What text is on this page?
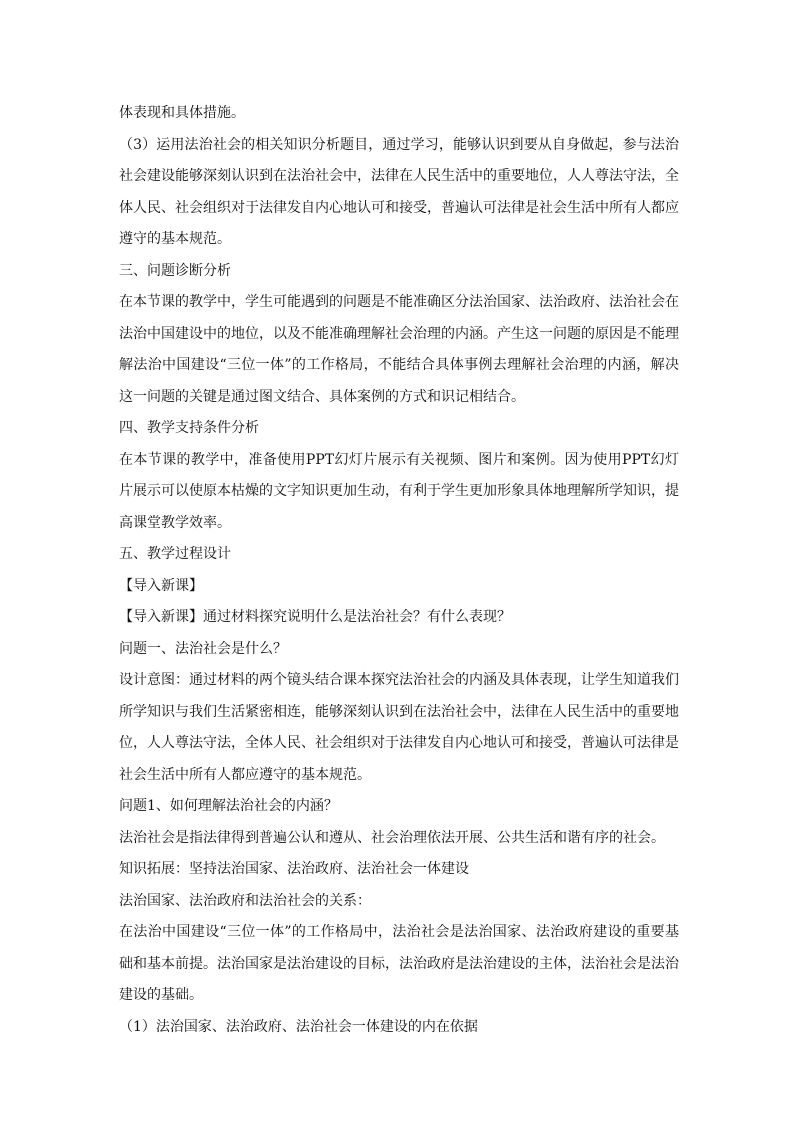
体表现和具体措施。

（3）运用法治社会的相关知识分析题目，通过学习，能够认识到要从自身做起，参与法治社会建设能够深刻认识到在法治社会中，法律在人民生活中的重要地位，人人尊法守法，全体人民、社会组织对于法律发自内心地认可和接受，普遍认可法律是社会生活中所有人都应遵守的基本规范。

三、问题诊断分析

在本节课的教学中，学生可能遇到的问题是不能准确区分法治国家、法治政府、法治社会在法治中国建设中的地位，以及不能准确理解社会治理的内涵。产生这一问题的原因是不能理解法治中国建设“三位一体”的工作格局，不能结合具体事例去理解社会治理的内涵，解决这一问题的关键是通过图文结合、具体案例的方式和识记相结合。

四、教学支持条件分析

在本节课的教学中，准备使用PPT幻灯片展示有关视频、图片和案例。因为使用PPT幻灯片展示可以使原本枯燥的文字知识更加生动，有利于学生更加形象具体地理解所学知识，提高课堂教学效率。

五、教学过程设计

【导入新课】

【导入新课】通过材料探究说明什么是法治社会？有什么表现？

问题一、法治社会是什么？

设计意图：通过材料的两个镜头结合课本探究法治社会的内涵及具体表现，让学生知道我们所学知识与我们生活紧密相连，能够深刻认识到在法治社会中，法律在人民生活中的重要地位，人人尊法守法，全体人民、社会组织对于法律发自内心地认可和接受，普遍认可法律是社会生活中所有人都应遵守的基本规范。

问题1、如何理解法治社会的内涵？

法治社会是指法律得到普遍公认和遵从、社会治理依法开展、公共生活和谐有序的社会。

知识拓展：坚持法治国家、法治政府、法治社会一体建设

法治国家、法治政府和法治社会的关系：

在法治中国建设“三位一体”的工作格局中，法治社会是法治国家、法治政府建设的重要基础和基本前提。法治国家是法治建设的目标，法治政府是法治建设的主体，法治社会是法治建设的基础。

（1）法治国家、法治政府、法治社会一体建设的内在依据
